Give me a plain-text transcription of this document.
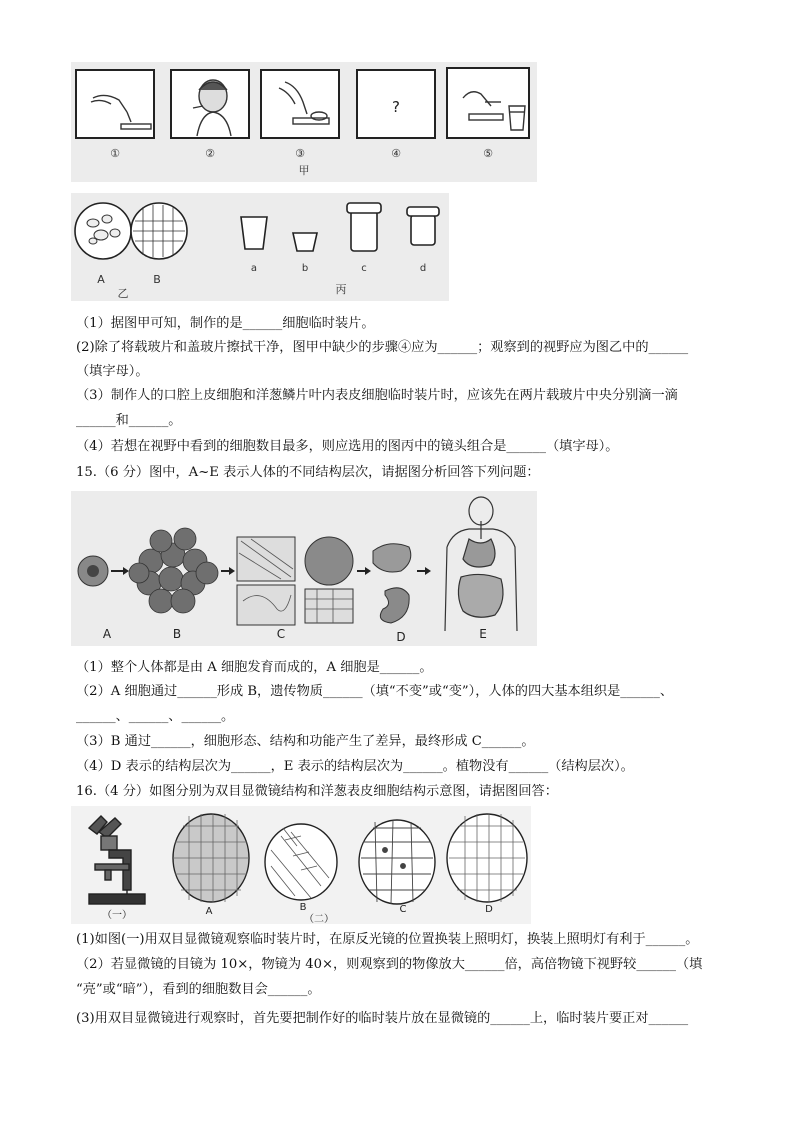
?
①	②	③	④	⑤
甲
A	B
乙
a	b	c	d
丙
（1）据图甲可知，制作的是______细胞临时装片。
(2)除了将载玻片和盖玻片擦拭干净，图甲中缺少的步骤④应为______；观察到的视野应为图乙中的______
（填字母）。
（3）制作人的口腔上皮细胞和洋葱鳞片叶内表皮细胞临时装片时，应该先在两片载玻片中央分别滴一滴
______和______。
（4）若想在视野中看到的细胞数目最多，则应选用的图丙中的镜头组合是______（填字母）。
15.（6 分）图中，A~E 表示人体的不同结构层次，请据图分析回答下列问题：
A	B	C	D	E
（1）整个人体都是由 A 细胞发育而成的，A 细胞是______。
（2）A 细胞通过______形成 B，遗传物质______（填“不变”或“变”），人体的四大基本组织是______、
______、______、______。
（3）B 通过______，细胞形态、结构和功能产生了差异，最终形成 C______。
（4）D 表示的结构层次为______，E 表示的结构层次为______。植物没有______（结构层次）。
16.（4 分）如图分别为双目显微镜结构和洋葱表皮细胞结构示意图，请据图回答：
A	B	C	D
（一）	（二）
(1)如图(一)用双目显微镜观察临时装片时，在原反光镜的位置换装上照明灯，换装上照明灯有利于______。
（2）若显微镜的目镜为 10×，物镜为 40×，则观察到的物像放大______倍，高倍物镜下视野较______（填
“亮”或“暗”），看到的细胞数目会______。
(3)用双目显微镜进行观察时，首先要把制作好的临时装片放在显微镜的______上，临时装片要正对______
